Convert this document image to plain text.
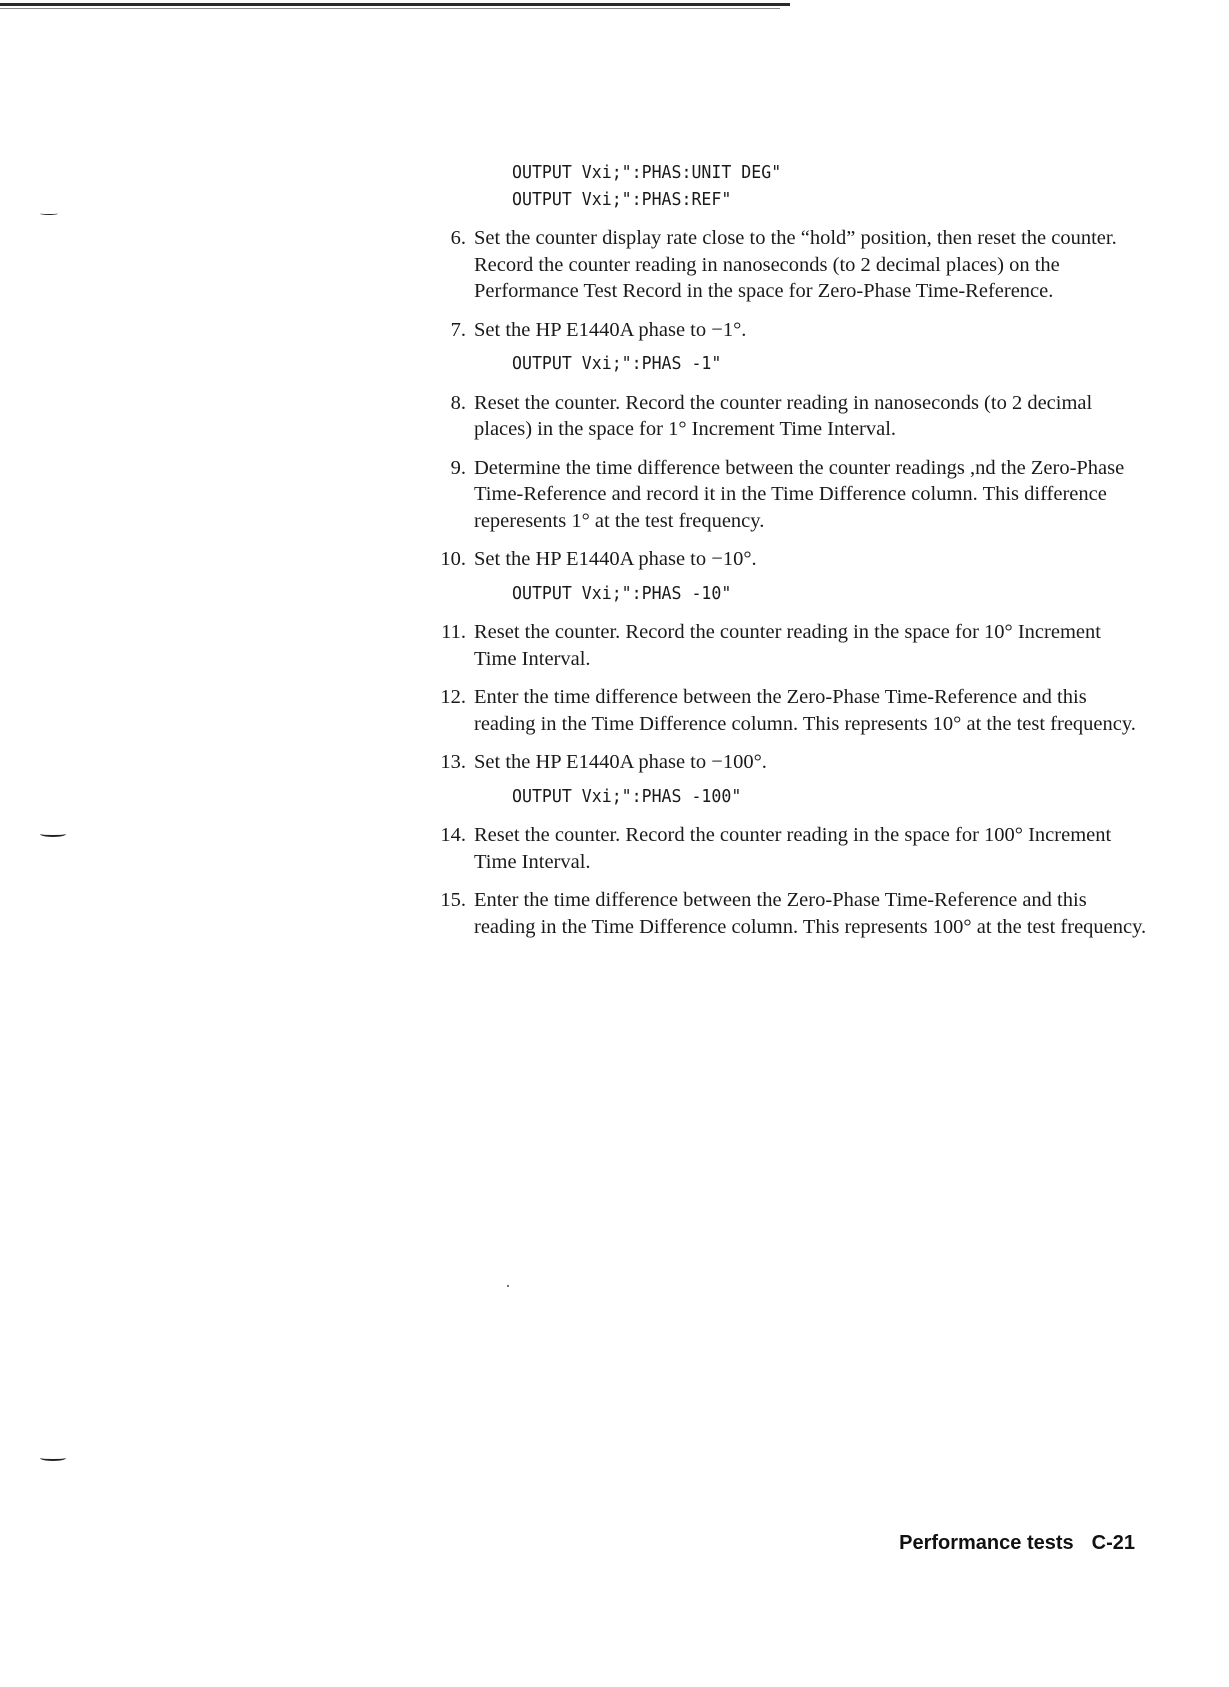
OUTPUT Vxi;":PHAS:UNIT DEG"
OUTPUT Vxi;":PHAS:REF"
6. Set the counter display rate close to the “hold” position, then reset the counter. Record the counter reading in nanoseconds (to 2 decimal places) on the Performance Test Record in the space for Zero-Phase Time-Reference.
7. Set the HP E1440A phase to −1°.
OUTPUT Vxi;":PHAS -1"
8. Reset the counter. Record the counter reading in nanoseconds (to 2 decimal places) in the space for 1° Increment Time Interval.
9. Determine the time difference between the counter readings ,nd the Zero-Phase Time-Reference and record it in the Time Difference column. This difference reperesents 1° at the test frequency.
10. Set the HP E1440A phase to −10°.
OUTPUT Vxi;":PHAS -10"
11. Reset the counter. Record the counter reading in the space for 10° Increment Time Interval.
12. Enter the time difference between the Zero-Phase Time-Reference and this reading in the Time Difference column. This represents 10° at the test frequency.
13. Set the HP E1440A phase to −100°.
OUTPUT Vxi;":PHAS -100"
14. Reset the counter. Record the counter reading in the space for 100° Increment Time Interval.
15. Enter the time difference between the Zero-Phase Time-Reference and this reading in the Time Difference column. This represents 100° at the test frequency.
Performance tests C-21
